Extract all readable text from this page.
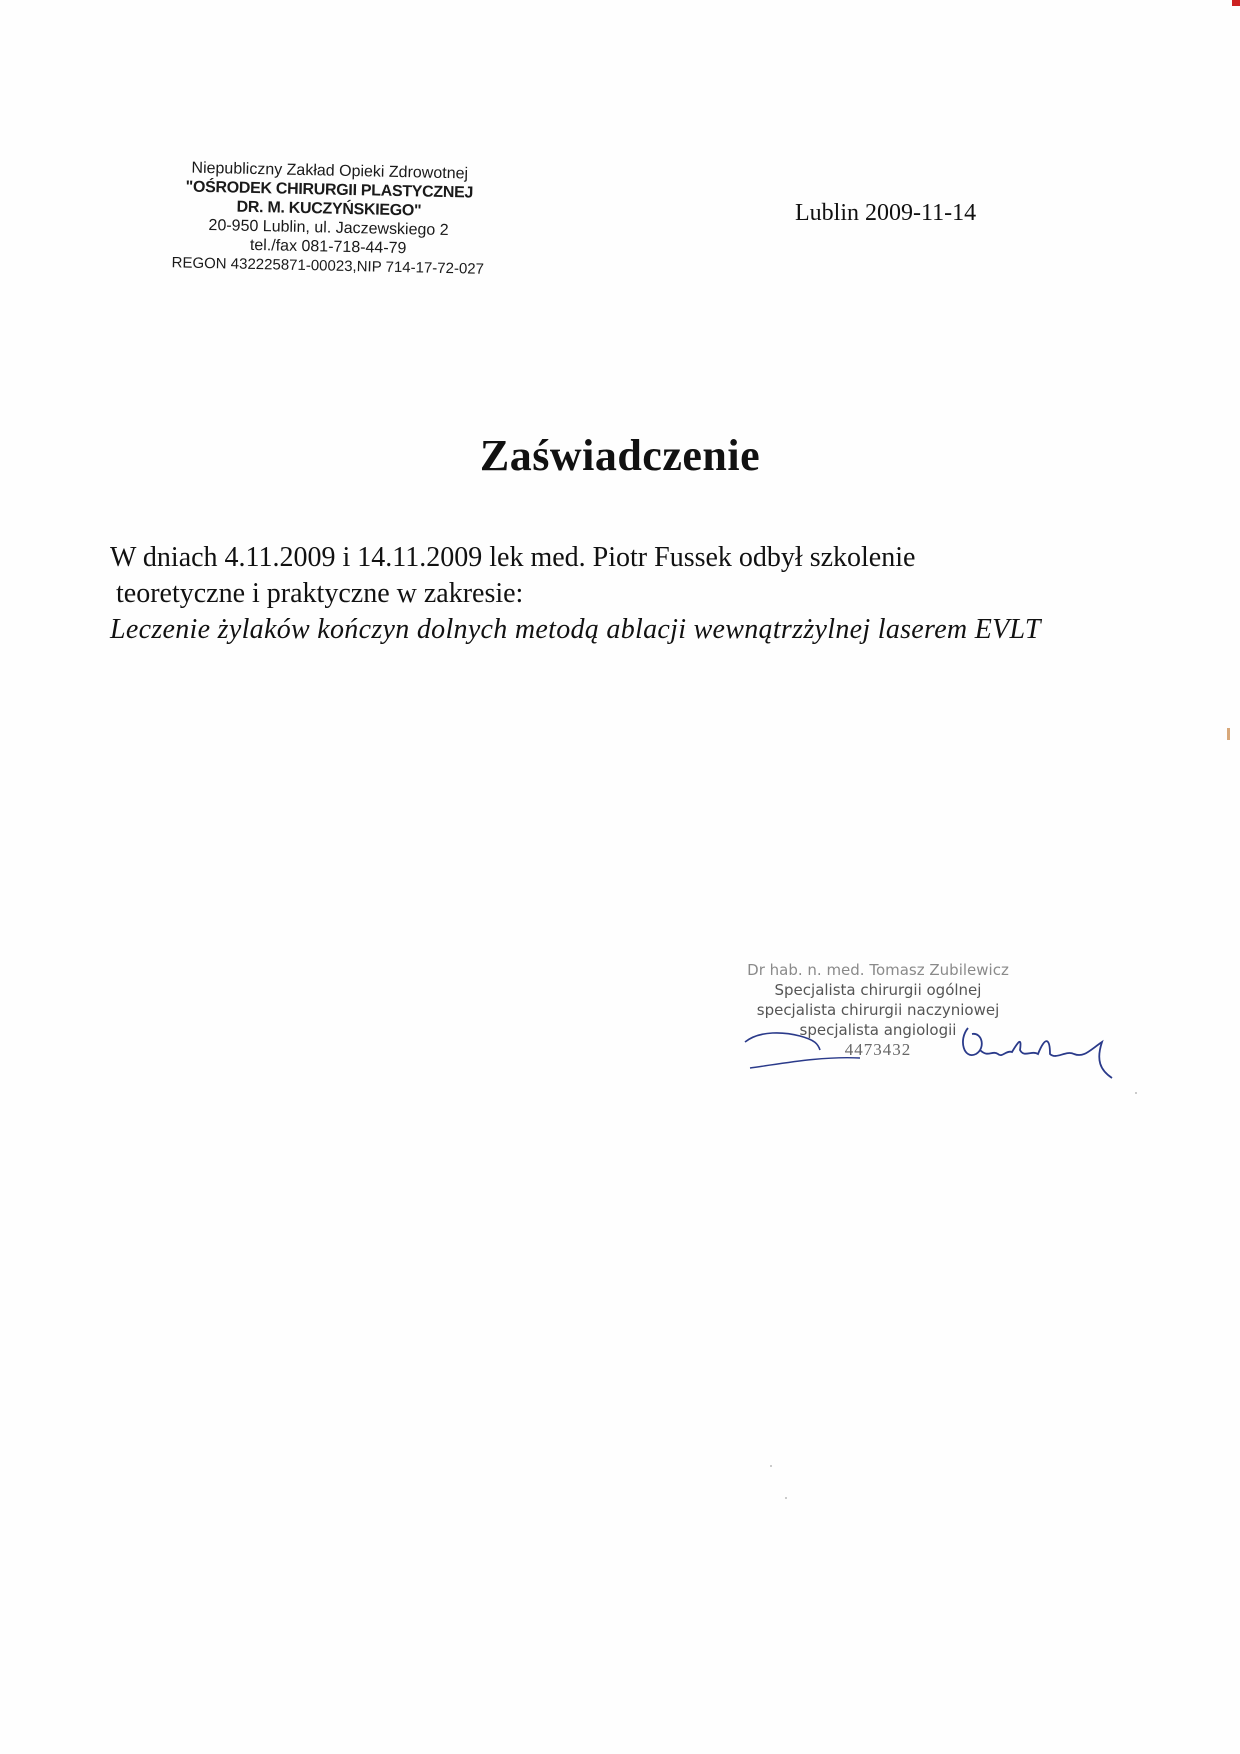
Niepubliczny Zakład Opieki Zdrowotnej
"OŚRODEK CHIRURGII PLASTYCZNEJ
DR. M. KUCZYŃSKIEGO"
20-950 Lublin, ul. Jaczewskiego 2
tel./fax 081-718-44-79
REGON 432225871-00023,NIP 714-17-72-027
Lublin 2009-11-14
Zaświadczenie
W dniach 4.11.2009 i 14.11.2009 lek med. Piotr Fussek odbył szkolenie
teoretyczne i praktyczne w zakresie:
Leczenie żylaków kończyn dolnych metodą ablacji wewnątrzżylnej laserem EVLT
Dr hab. n. med. Tomasz Zubilewicz
Specjalista chirurgii ogólnej
specjalista chirurgii naczyniowej
specjalista angiologii
4473432
